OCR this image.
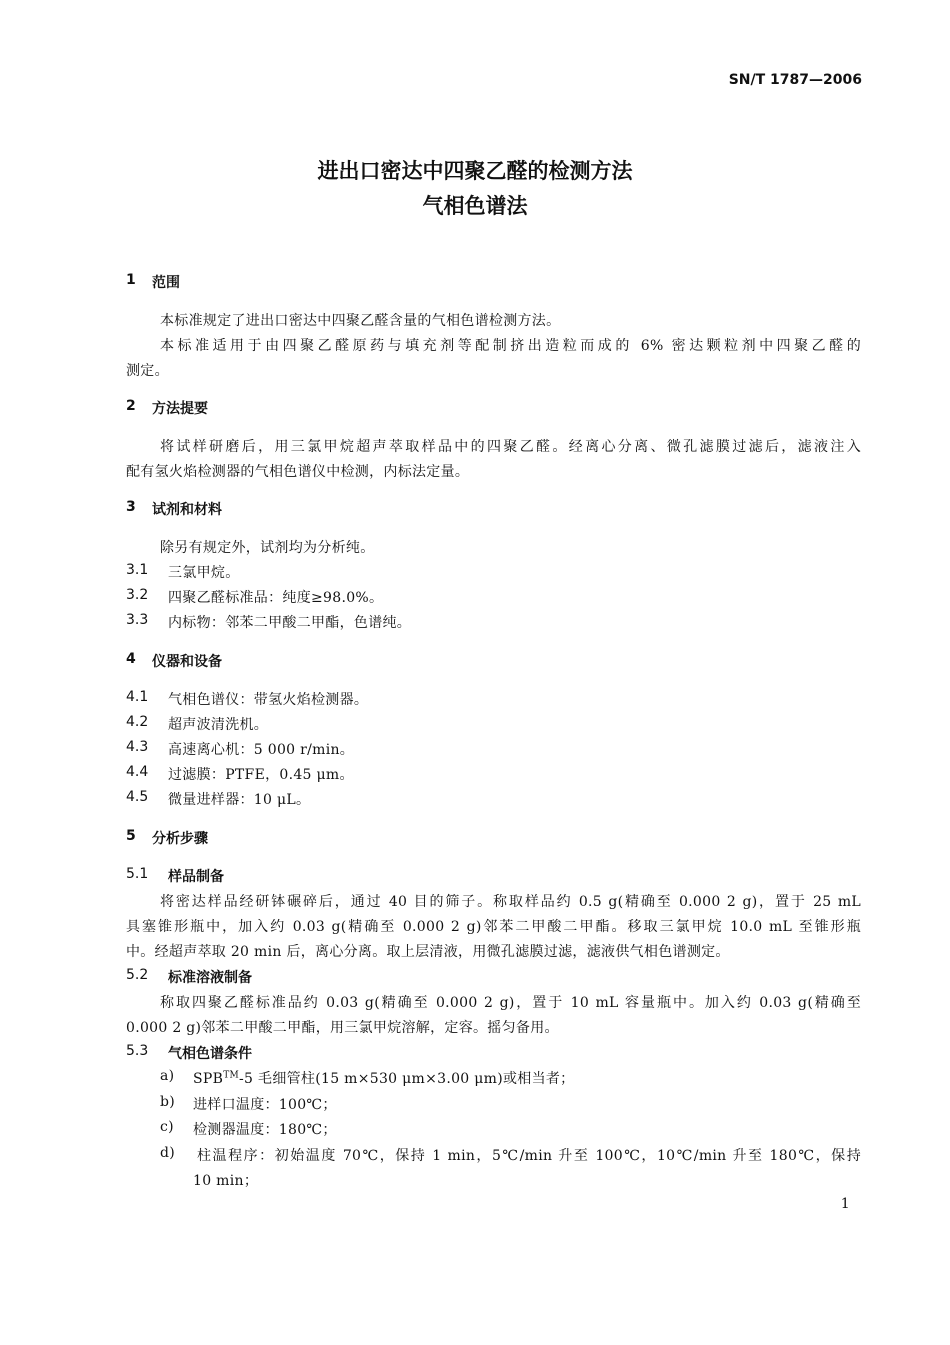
SN/T 1787—2006
进出口密达中四聚乙醛的检测方法
气相色谱法
1 范围
本标准规定了进出口密达中四聚乙醛含量的气相色谱检测方法。
本标准适用于由四聚乙醛原药与填充剂等配制挤出造粒而成的 6% 密达颗粒剂中四聚乙醛的
测定。
2 方法提要
将试样研磨后，用三氯甲烷超声萃取样品中的四聚乙醛。经离心分离、微孔滤膜过滤后，滤液注入
配有氢火焰检测器的气相色谱仪中检测，内标法定量。
3 试剂和材料
除另有规定外，试剂均为分析纯。
3.1 三氯甲烷。
3.2 四聚乙醛标准品：纯度≥98.0%。
3.3 内标物：邻苯二甲酸二甲酯，色谱纯。
4 仪器和设备
4.1 气相色谱仪：带氢火焰检测器。
4.2 超声波清洗机。
4.3 高速离心机：5 000 r/min。
4.4 过滤膜：PTFE，0.45 μm。
4.5 微量进样器：10 μL。
5 分析步骤
5.1 样品制备
将密达样品经研钵碾碎后，通过 40 目的筛子。称取样品约 0.5 g(精确至 0.000 2 g)，置于 25 mL
具塞锥形瓶中，加入约 0.03 g(精确至 0.000 2 g)邻苯二甲酸二甲酯。移取三氯甲烷 10.0 mL 至锥形瓶
中。经超声萃取 20 min 后，离心分离。取上层清液，用微孔滤膜过滤，滤液供气相色谱测定。
5.2 标准溶液制备
称取四聚乙醛标准品约 0.03 g(精确至 0.000 2 g)，置于 10 mL 容量瓶中。加入约 0.03 g(精确至
0.000 2 g)邻苯二甲酸二甲酯，用三氯甲烷溶解，定容。摇匀备用。
5.3 气相色谱条件
a) SPB™-5 毛细管柱(15 m×530 μm×3.00 μm)或相当者；
b) 进样口温度：100℃；
c) 检测器温度：180℃；
d) 柱温程序：初始温度 70℃，保持 1 min，5℃/min 升至 100℃，10℃/min 升至 180℃，保持
10 min；
1
